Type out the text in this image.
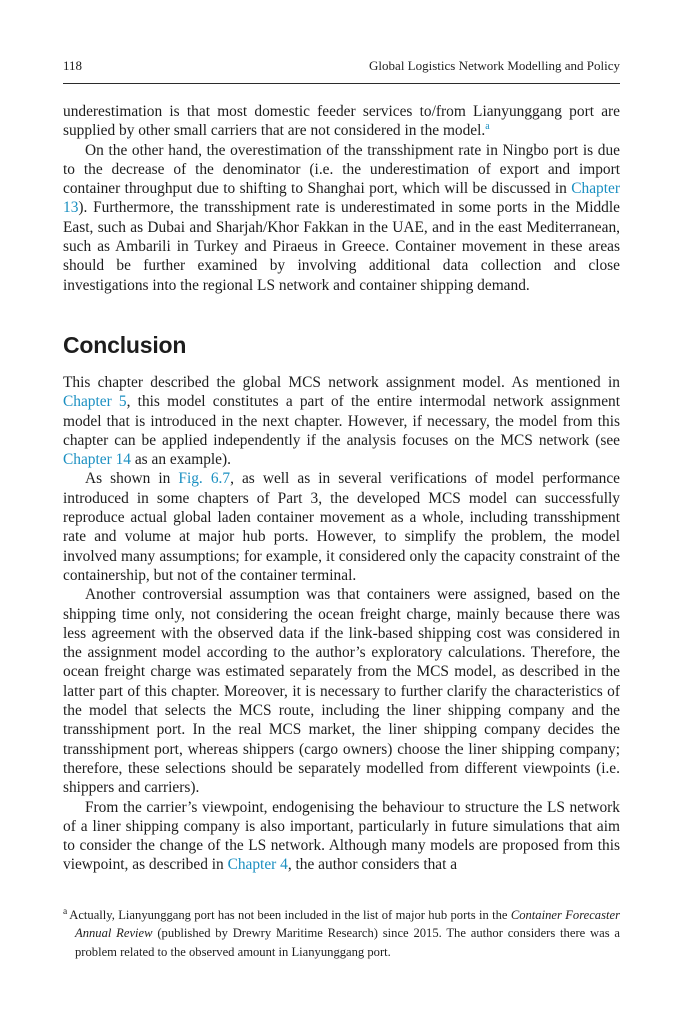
118	Global Logistics Network Modelling and Policy

underestimation is that most domestic feeder services to/from Lianyunggang port are supplied by other small carriers that are not considered in the model.$^a$

On the other hand, the overestimation of the transshipment rate in Ningbo port is due to the decrease of the denominator (i.e. the underestimation of export and import container throughput due to shifting to Shanghai port, which will be discussed in Chapter 13). Furthermore, the transshipment rate is underestimated in some ports in the Middle East, such as Dubai and Sharjah/Khor Fakkan in the UAE, and in the east Mediterranean, such as Ambarili in Turkey and Piraeus in Greece. Container movement in these areas should be further examined by involving additional data collection and close investigations into the regional LS network and container shipping demand.

Conclusion

This chapter described the global MCS network assignment model. As mentioned in Chapter 5, this model constitutes a part of the entire intermodal network assignment model that is introduced in the next chapter. However, if necessary, the model from this chapter can be applied independently if the analysis focuses on the MCS network (see Chapter 14 as an example).

As shown in Fig. 6.7, as well as in several verifications of model performance introduced in some chapters of Part 3, the developed MCS model can successfully reproduce actual global laden container movement as a whole, including transshipment rate and volume at major hub ports. However, to simplify the problem, the model involved many assumptions; for example, it considered only the capacity constraint of the containership, but not of the container terminal.

Another controversial assumption was that containers were assigned, based on the shipping time only, not considering the ocean freight charge, mainly because there was less agreement with the observed data if the link-based shipping cost was considered in the assignment model according to the author’s exploratory calculations. Therefore, the ocean freight charge was estimated separately from the MCS model, as described in the latter part of this chapter. Moreover, it is necessary to further clarify the characteristics of the model that selects the MCS route, including the liner shipping company and the transshipment port. In the real MCS market, the liner shipping company decides the transshipment port, whereas shippers (cargo owners) choose the liner shipping company; therefore, these selections should be separately modelled from different viewpoints (i.e. shippers and carriers).

From the carrier’s viewpoint, endogenising the behaviour to structure the LS network of a liner shipping company is also important, particularly in future simulations that aim to consider the change of the LS network. Although many models are proposed from this viewpoint, as described in Chapter 4, the author considers that a

$^a$ Actually, Lianyunggang port has not been included in the list of major hub ports in the Container Forecaster Annual Review (published by Drewry Maritime Research) since 2015. The author considers there was a problem related to the observed amount in Lianyunggang port.
